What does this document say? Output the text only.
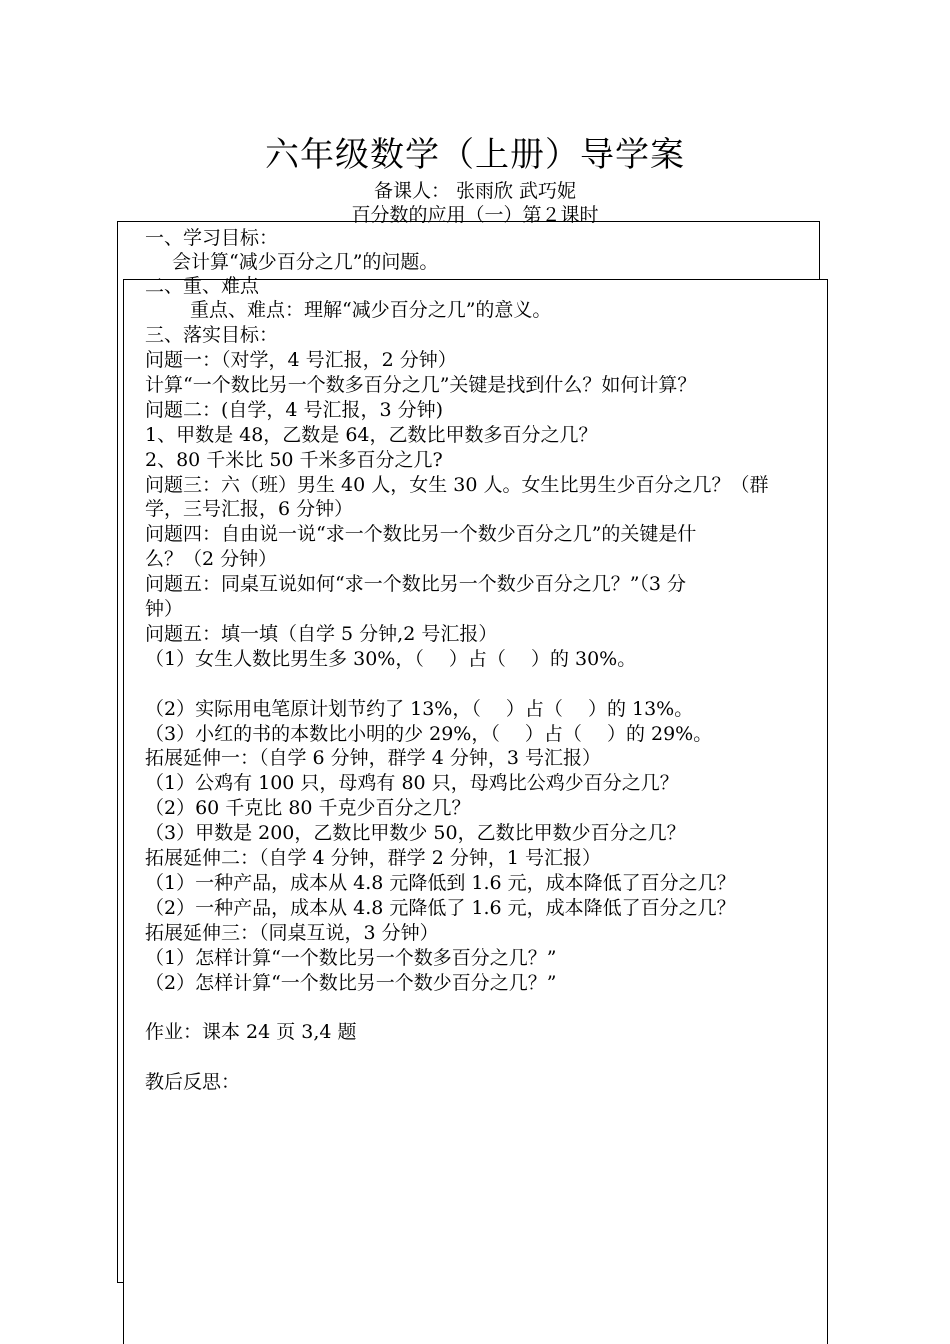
六年级数学（上册）导学案
备课人： 张雨欣 武巧妮
百分数的应用（一）第２课时
一、学习目标：
会计算“减少百分之几”的问题。
二、重、难点
重点、难点：理解“减少百分之几”的意义。
三、落实目标：
问题一：（对学，4 号汇报，2 分钟）
计算“一个数比另一个数多百分之几”关键是找到什么？如何计算？
问题二：(自学，4 号汇报，3 分钟)
1、甲数是 48，乙数是 64，乙数比甲数多百分之几？
2、80 千米比 50 千米多百分之几?
问题三：六（班）男生 40 人，女生 30 人。女生比男生少百分之几？（群
学，三号汇报，6 分钟）
问题四：自由说一说“求一个数比另一个数少百分之几”的关键是什
么？（2 分钟）
问题五：同桌互说如何“求一个数比另一个数少百分之几？”（3 分
钟）
问题五：填一填（自学 5 分钟,2 号汇报）
（1）女生人数比男生多 30%，（　 ）占（　 ）的 30%。
（2）实际用电笔原计划节约了 13%，（　 ）占（　 ）的 13%。
（3）小红的书的本数比小明的少 29%，（　 ）占（　 ）的 29%。
拓展延伸一：（自学 6 分钟，群学 4 分钟，3 号汇报）
（1）公鸡有 100 只，母鸡有 80 只，母鸡比公鸡少百分之几？
（2）60 千克比 80 千克少百分之几？
（3）甲数是 200，乙数比甲数少 50，乙数比甲数少百分之几？
拓展延伸二：（自学 4 分钟，群学 2 分钟，1 号汇报）
（1）一种产品，成本从 4.8 元降低到 1.6 元，成本降低了百分之几？
（2）一种产品，成本从 4.8 元降低了 1.6 元，成本降低了百分之几？
拓展延伸三：（同桌互说，3 分钟）
（1）怎样计算“一个数比另一个数多百分之几？”
（2）怎样计算“一个数比另一个数少百分之几？”
作业：课本 24 页 3,4 题
教后反思：
